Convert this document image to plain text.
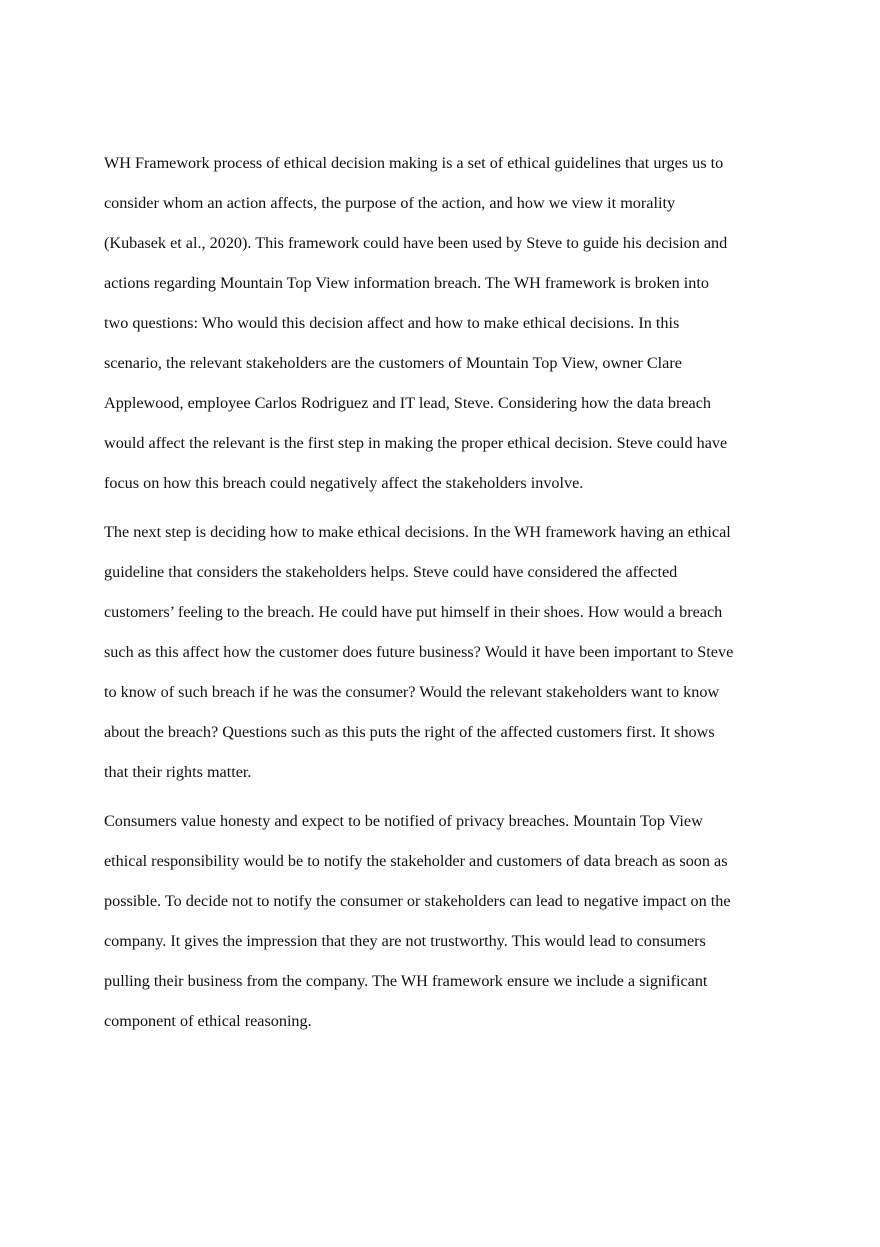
WH Framework process of ethical decision making is a set of ethical guidelines that urges us to
consider whom an action affects, the purpose of the action, and how we view it morality
(Kubasek et al., 2020). This framework could have been used by Steve to guide his decision and
actions regarding Mountain Top View information breach. The WH framework is broken into
two questions: Who would this decision affect and how to make ethical decisions. In this
scenario, the relevant stakeholders are the customers of Mountain Top View, owner Clare
Applewood, employee Carlos Rodriguez and IT lead, Steve. Considering how the data breach
would affect the relevant is the first step in making the proper ethical decision. Steve could have
focus on how this breach could negatively affect the stakeholders involve.
The next step is deciding how to make ethical decisions. In the WH framework having an ethical
guideline that considers the stakeholders helps. Steve could have considered the affected
customers’ feeling to the breach. He could have put himself in their shoes. How would a breach
such as this affect how the customer does future business? Would it have been important to Steve
to know of such breach if he was the consumer? Would the relevant stakeholders want to know
about the breach? Questions such as this puts the right of the affected customers first. It shows
that their rights matter.
Consumers value honesty and expect to be notified of privacy breaches. Mountain Top View
ethical responsibility would be to notify the stakeholder and customers of data breach as soon as
possible. To decide not to notify the consumer or stakeholders can lead to negative impact on the
company. It gives the impression that they are not trustworthy. This would lead to consumers
pulling their business from the company. The WH framework ensure we include a significant
component of ethical reasoning.
